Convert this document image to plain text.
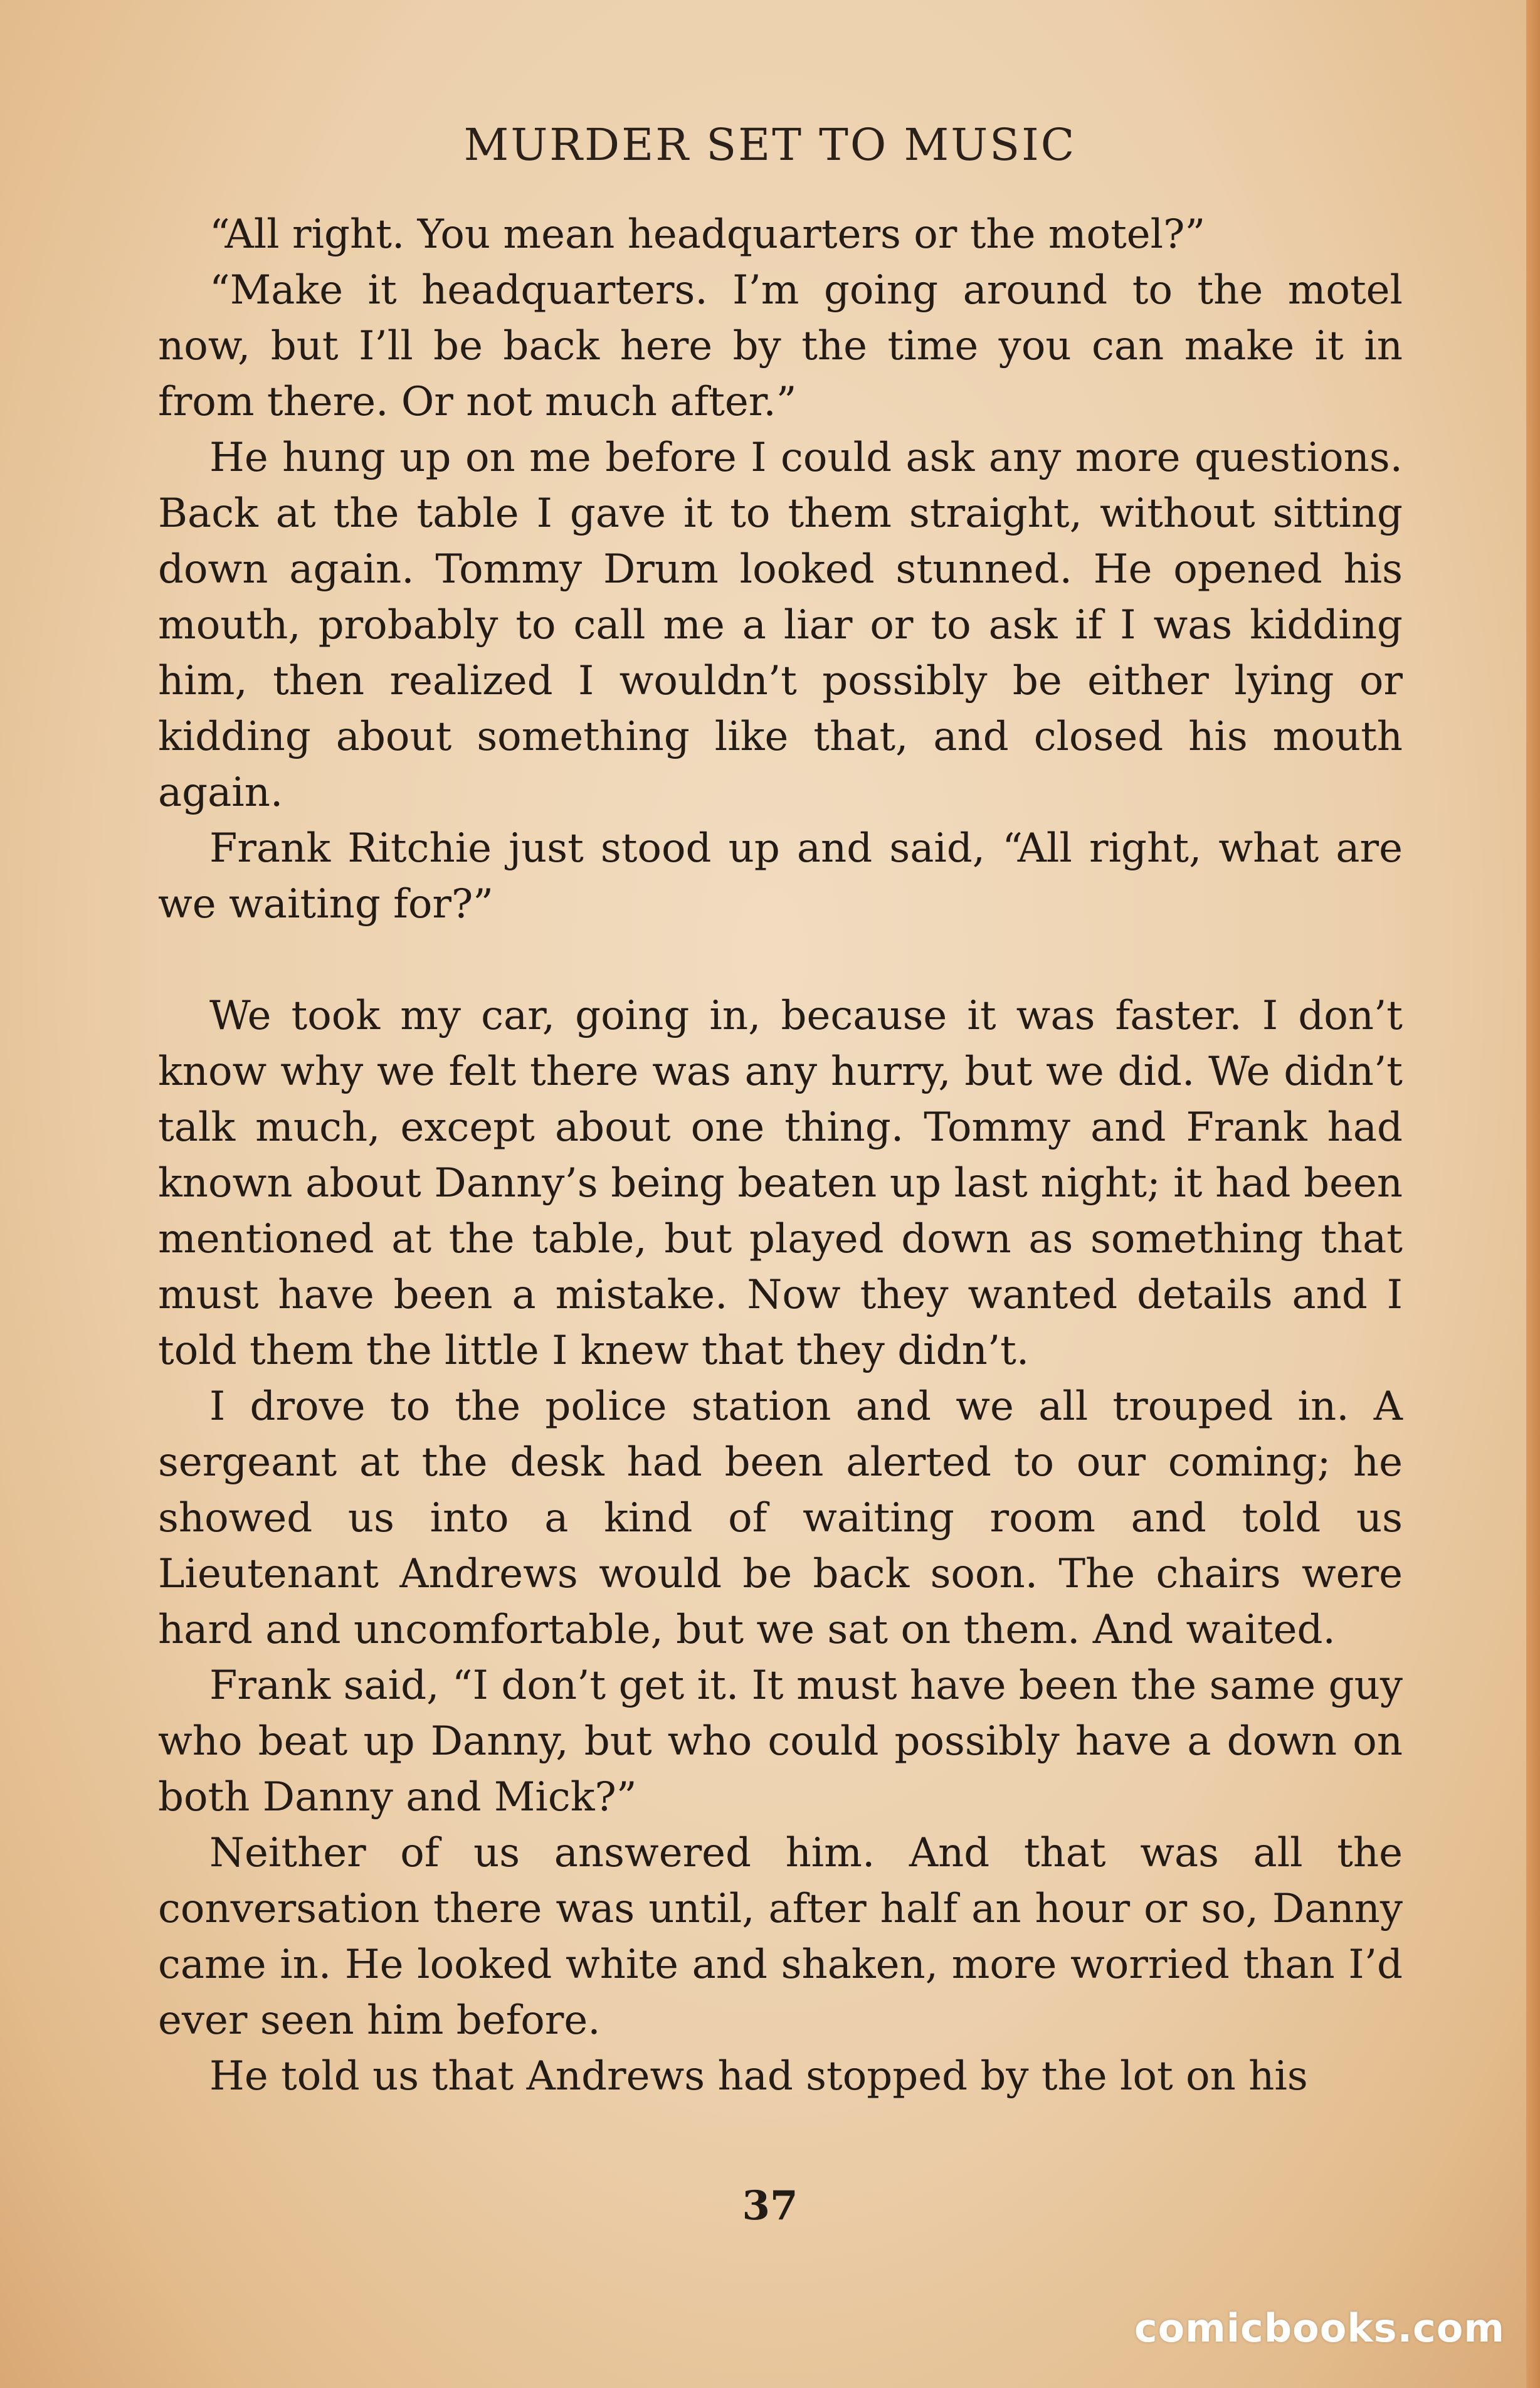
MURDER SET TO MUSIC

“All right. You mean headquarters or the motel?”

“Make it headquarters. I’m going around to the motel now, but I’ll be back here by the time you can make it in from there. Or not much after.”

He hung up on me before I could ask any more questions. Back at the table I gave it to them straight, without sitting down again. Tommy Drum looked stunned. He opened his mouth, probably to call me a liar or to ask if I was kidding him, then realized I wouldn’t possibly be either lying or kidding about something like that, and closed his mouth again.

Frank Ritchie just stood up and said, “All right, what are we waiting for?”

We took my car, going in, because it was faster. I don’t know why we felt there was any hurry, but we did. We didn’t talk much, except about one thing. Tommy and Frank had known about Danny’s being beaten up last night; it had been mentioned at the table, but played down as something that must have been a mistake. Now they wanted details and I told them the little I knew that they didn’t.

I drove to the police station and we all trouped in. A sergeant at the desk had been alerted to our coming; he showed us into a kind of waiting room and told us Lieutenant Andrews would be back soon. The chairs were hard and uncomfortable, but we sat on them. And waited.

Frank said, “I don’t get it. It must have been the same guy who beat up Danny, but who could possibly have a down on both Danny and Mick?”

Neither of us answered him. And that was all the conversation there was until, after half an hour or so, Danny came in. He looked white and shaken, more worried than I’d ever seen him before.

He told us that Andrews had stopped by the lot on his

37
comicbooks.com
